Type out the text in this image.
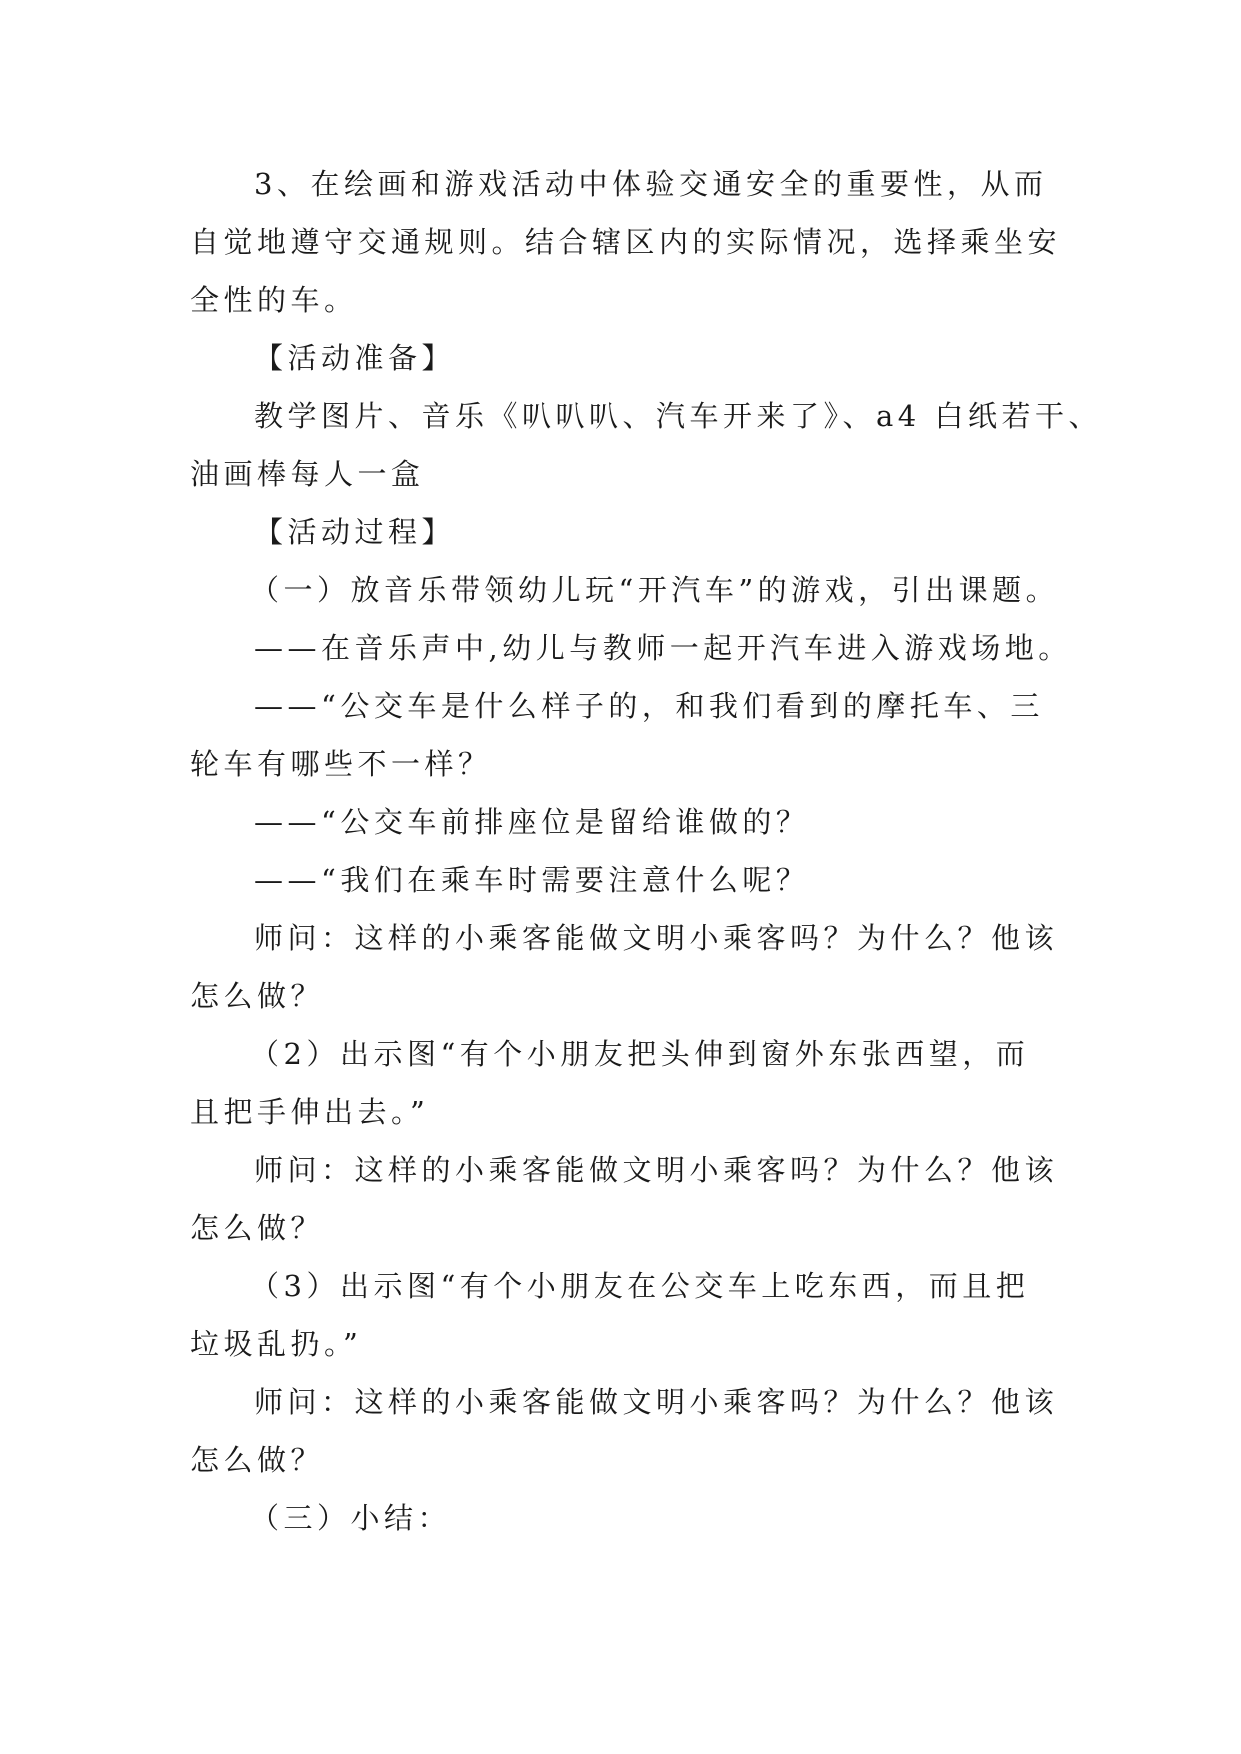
3、在绘画和游戏活动中体验交通安全的重要性，从而
自觉地遵守交通规则。结合辖区内的实际情况，选择乘坐安
全性的车。
【活动准备】
教学图片、音乐《叭叭叭、汽车开来了》、a4 白纸若干、
油画棒每人一盒
【活动过程】
（一）放音乐带领幼儿玩“开汽车”的游戏，引出课题。
——在音乐声中,幼儿与教师一起开汽车进入游戏场地。
——“公交车是什么样子的，和我们看到的摩托车、三
轮车有哪些不一样？
——“公交车前排座位是留给谁做的？
——“我们在乘车时需要注意什么呢？
师问：这样的小乘客能做文明小乘客吗？为什么？他该
怎么做？
（2）出示图“有个小朋友把头伸到窗外东张西望，而
且把手伸出去。”
师问：这样的小乘客能做文明小乘客吗？为什么？他该
怎么做？
（3）出示图“有个小朋友在公交车上吃东西，而且把
垃圾乱扔。”
师问：这样的小乘客能做文明小乘客吗？为什么？他该
怎么做？
（三）小结：
